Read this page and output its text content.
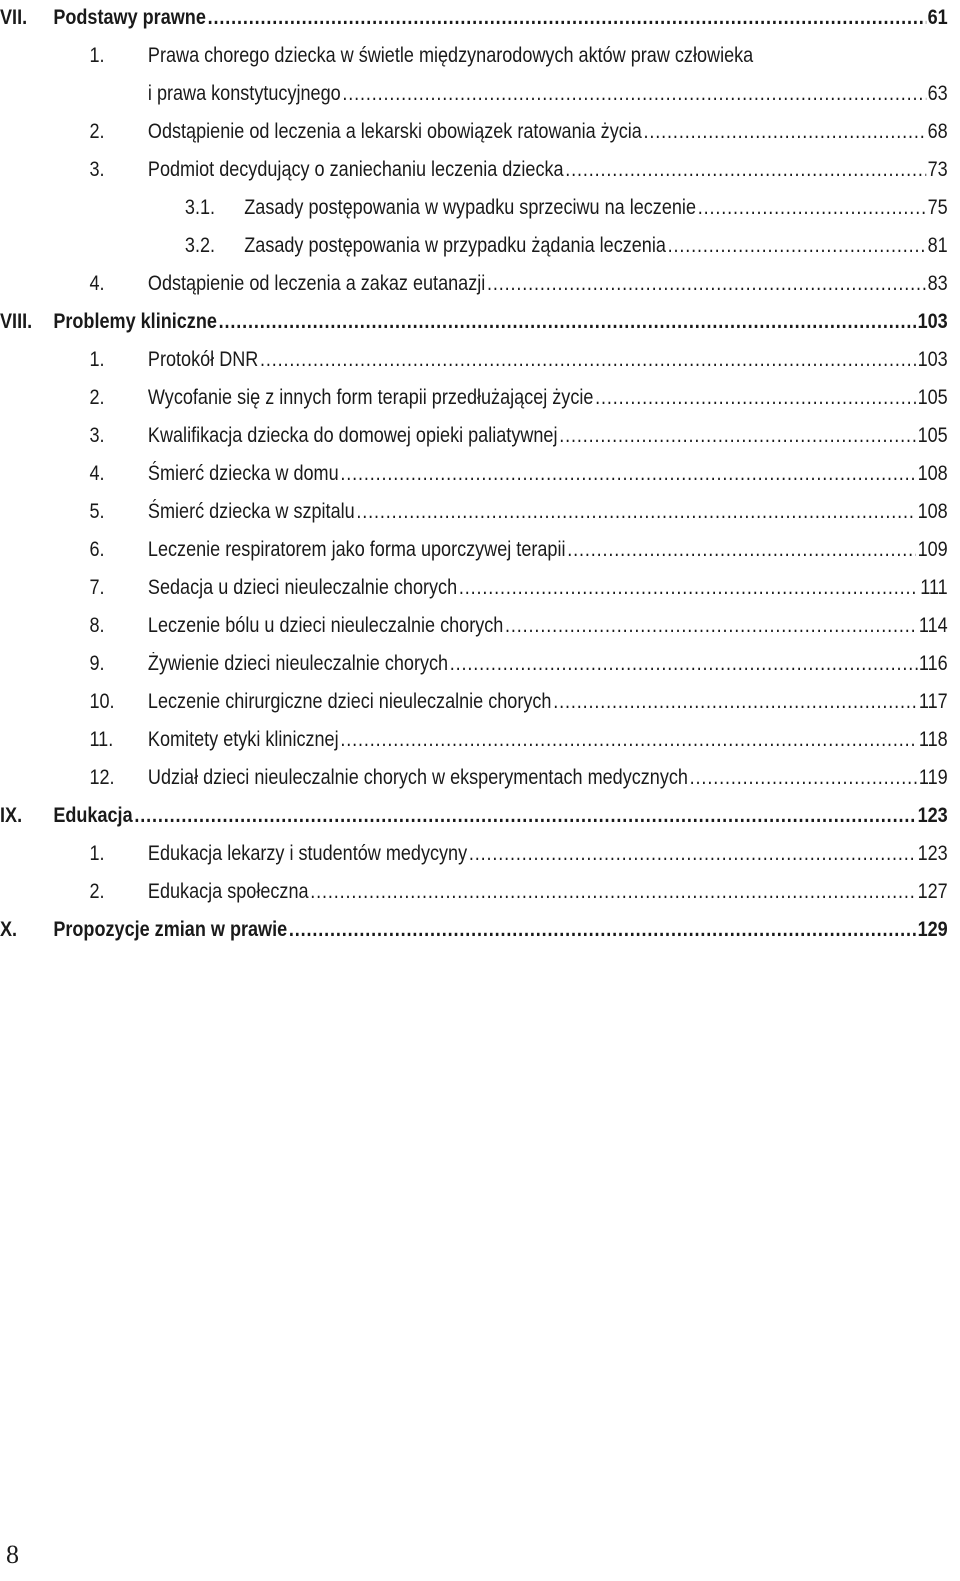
VII.	Podstawy prawne .....	61
1.	Prawa chorego dziecka w świetle międzynarodowych aktów praw człowieka
i prawa konstytucyjnego .....	63
2.	Odstąpienie od leczenia a lekarski obowiązek ratowania życia .....	68
3.	Podmiot decydujący o zaniechaniu leczenia dziecka .....	73
3.1.	Zasady postępowania w wypadku sprzeciwu na leczenie .....	75
3.2.	Zasady postępowania w przypadku żądania leczenia .....	81
4.	Odstąpienie od leczenia a zakaz eutanazji .....	83
VIII.	Problemy kliniczne .....	103
1.	Protokół DNR .....	103
2.	Wycofanie się z innych form terapii przedłużającej życie .....	105
3.	Kwalifikacja dziecka do domowej opieki paliatywnej .....	105
4.	Śmierć dziecka w domu .....	108
5.	Śmierć dziecka w szpitalu .....	108
6.	Leczenie respiratorem jako forma uporczywej terapii .....	109
7.	Sedacja u dzieci nieuleczalnie chorych .....	111
8.	Leczenie bólu u dzieci nieuleczalnie chorych .....	114
9.	Żywienie dzieci nieuleczalnie chorych .....	116
10.	Leczenie chirurgiczne dzieci nieuleczalnie chorych .....	117
11.	Komitety etyki klinicznej .....	118
12.	Udział dzieci nieuleczalnie chorych w eksperymentach medycznych .....	119
IX.	Edukacja .....	123
1.	Edukacja lekarzy i studentów medycyny .....	123
2.	Edukacja społeczna .....	127
X.	Propozycje zmian w prawie .....	129
8
